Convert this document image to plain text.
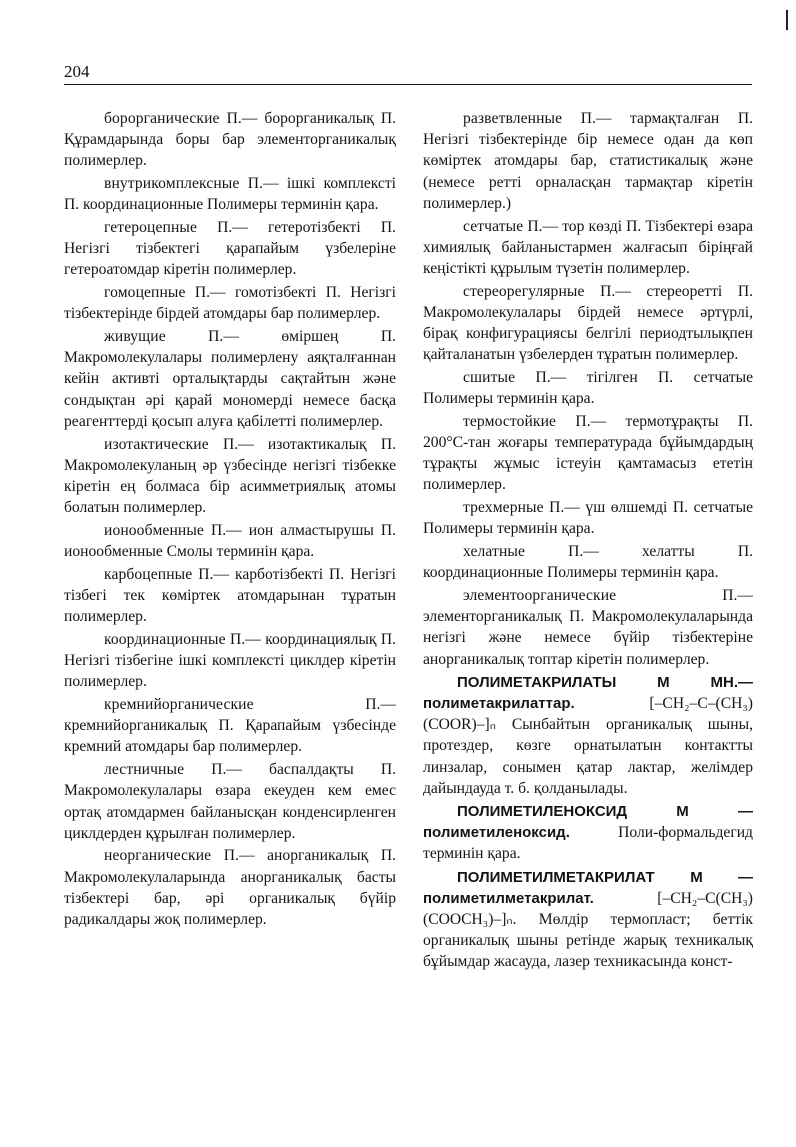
204

борорганические П.— борорганикалық П. Құрамдарында боры бар элементорганикалық полимерлер.

внутрикомплексные П.— ішкі комплексті П. координационные Полимеры терминін қара.

гетероцепные П.— гетеротізбекті П. Негізгі тізбектегі қарапайым үзбелеріне гетероатомдар кіретін полимерлер.

гомоцепные П.— гомотізбекті П. Негізгі тізбектерінде бірдей атомдары бар полимерлер.

живущие П.— өміршең П. Макромолекулалары полимерлену аяқталғаннан кейін активті орталықтарды сақтайтын және сондықтан әрі қарай мономерді немесе басқа реагенттерді қосып алуға қабілетті полимерлер.

изотактические П.— изотактикалық П. Макромолекуланың әр үзбесінде негізгі тізбекке кіретін ең болмаса бір асимметриялық атомы болатын полимерлер.

ионообменные П.— ион алмастырушы П. ионообменные Смолы терминін қара.

карбоцепные П.— карботізбекті П. Негізгі тізбегі тек көміртек атомдарынан тұратын полимерлер.

координационные П.— координациялық П. Негізгі тізбегіне ішкі комплексті циклдер кіретін полимерлер.

кремнийорганические П.— кремнийорганикалық П. Қарапайым үзбесінде кремний атомдары бар полимерлер.

лестничные П.— баспалдақты П. Макромолекулалары өзара екеуден кем емес ортақ атомдармен байланысқан конденсирленген циклдерден құрылған полимерлер.

неорганические П.— анорганикалық П. Макромолекулаларында анорганикалық басты тізбектері бар, әрі органикалық бүйір радикалдары жоқ полимерлер.

разветвленные П.— тармақталған П. Негізгі тізбектерінде бір немесе одан да көп көміртек атомдары бар, статистикалық және (немесе ретті орналасқан тармақтар кіретін полимерлер.)

сетчатые П.— тор көзді П. Тізбектері өзара химиялық байланыстармен жалғасып біріңғай кеңістікті құрылым түзетін полимерлер.

стереорегулярные П.— стереоретті П. Макромолекулалары бірдей немесе әртүрлі, бірақ конфигурациясы белгілі периодтылықпен қайталанатын үзбелерден тұратын полимерлер.

сшитые П.— тігілген П. сетчатые Полимеры терминін қара.

термостойкие П.— термотұрақты П. 200°С-тан жоғары температурада бұйымдардың тұрақты жұмыс істеуін қамтамасыз ететін полимерлер.

трехмерные П.— үш өлшемді П. сетчатые Полимеры терминін қара.

хелатные П.— хелатты П. координационные Полимеры терминін қара.

элементоорганические П.— элементорганикалық П. Макромолекулаларында негізгі және немесе бүйір тізбектеріне анорганикалық топтар кіретін полимерлер.

ПОЛИМЕТАКРИЛАТЫ М МН.— полиметакрилаттар. [–CH₂–C–(CH₃)(COOR)–]ₙ Сынбайтын органикалық шыны, протездер, көзге орнатылатын контактты линзалар, сонымен қатар лактар, желімдер дайындауда т. б. қолданылады.

ПОЛИМЕТИЛЕНОКСИД М — полиметиленоксид. Поли-формальдегид терминін қара.

ПОЛИМЕТИЛМЕТАКРИЛАТ М — полиметилметакрилат. [–CH₂–C(CH₃)(COOCH₃)–]ₙ. Мөлдір термопласт; беттік органикалық шыны ретінде жарық техникалық бұйымдар жасауда, лазер техникасында конст-
